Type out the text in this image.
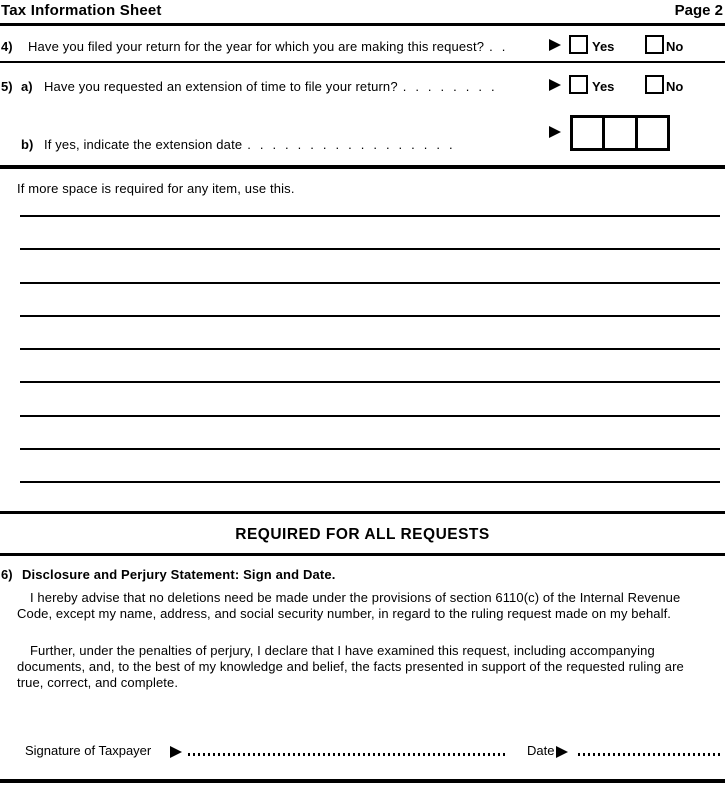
Tax Information Sheet	Page 2
4) Have you filed your return for the year for which you are making this request? ..	Yes	No
5) a) Have you requested an extension of time to file your return? ........	Yes	No
b) If yes, indicate the extension date .................
If more space is required for any item, use this.
REQUIRED FOR ALL REQUESTS
6) Disclosure and Perjury Statement: Sign and Date.

I hereby advise that no deletions need be made under the provisions of section 6110(c) of the Internal Revenue Code, except my name, address, and social security number, in regard to the ruling request made on my behalf.

Further, under the penalties of perjury, I declare that I have examined this request, including accompanying documents, and, to the best of my knowledge and belief, the facts presented in support of the requested ruling are true, correct, and complete.

Signature of Taxpayer	Date
